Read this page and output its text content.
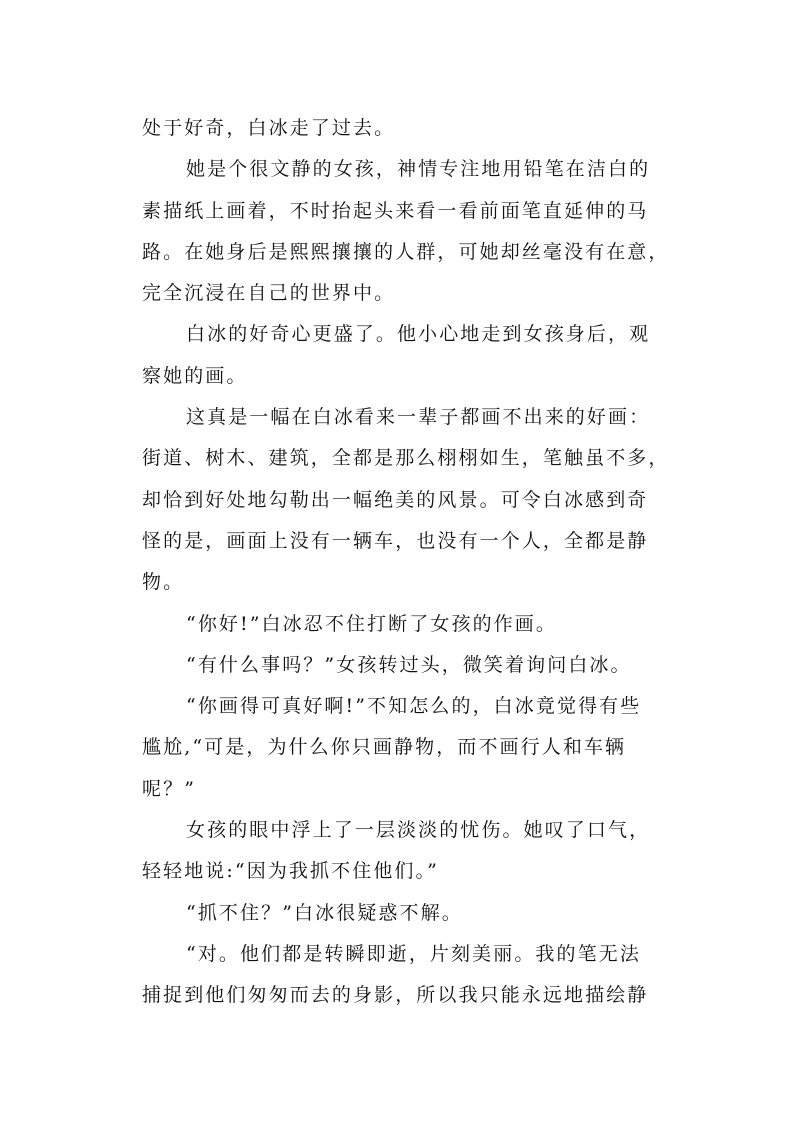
处于好奇，白冰走了过去。
她是个很文静的女孩，神情专注地用铅笔在洁白的
素描纸上画着，不时抬起头来看一看前面笔直延伸的马
路。在她身后是熙熙攘攘的人群，可她却丝毫没有在意，
完全沉浸在自己的世界中。
白冰的好奇心更盛了。他小心地走到女孩身后，观
察她的画。
这真是一幅在白冰看来一辈子都画不出来的好画：
街道、树木、建筑，全都是那么栩栩如生，笔触虽不多，
却恰到好处地勾勒出一幅绝美的风景。可令白冰感到奇
怪的是，画面上没有一辆车，也没有一个人，全都是静
物。
“你好!”白冰忍不住打断了女孩的作画。
“有什么事吗？”女孩转过头，微笑着询问白冰。
“你画得可真好啊!”不知怎么的，白冰竟觉得有些
尴尬,“可是，为什么你只画静物，而不画行人和车辆
呢？”
女孩的眼中浮上了一层淡淡的忧伤。她叹了口气，
轻轻地说:“因为我抓不住他们。”
“抓不住？”白冰很疑惑不解。
“对。他们都是转瞬即逝，片刻美丽。我的笔无法
捕捉到他们匆匆而去的身影，所以我只能永远地描绘静
